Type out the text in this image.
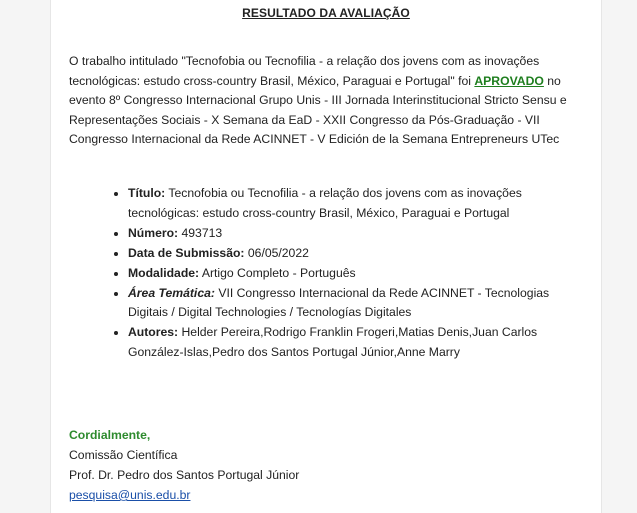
RESULTADO DA AVALIAÇÃO

O trabalho intitulado "Tecnofobia ou Tecnofilia - a relação dos jovens com as inovações tecnológicas: estudo cross-country Brasil, México, Paraguai e Portugal" foi APROVADO no evento 8º Congresso Internacional Grupo Unis - III Jornada Interinstitucional Stricto Sensu e Representações Sociais - X Semana da EaD - XXII Congresso da Pós-Graduação - VII Congresso Internacional da Rede ACINNET - V Edición de la Semana Entrepreneurs UTec

• Título: Tecnofobia ou Tecnofilia - a relação dos jovens com as inovações tecnológicas: estudo cross-country Brasil, México, Paraguai e Portugal
• Número: 493713
• Data de Submissão: 06/05/2022
• Modalidade: Artigo Completo - Português
• Área Temática: VII Congresso Internacional da Rede ACINNET - Tecnologias Digitais / Digital Technologies / Tecnologías Digitales
• Autores: Helder Pereira,Rodrigo Franklin Frogeri,Matias Denis,Juan Carlos González-Islas,Pedro dos Santos Portugal Júnior,Anne Marry
Cordialmente,
Comissão Científica
Prof. Dr. Pedro dos Santos Portugal Júnior
pesquisa@unis.edu.br
